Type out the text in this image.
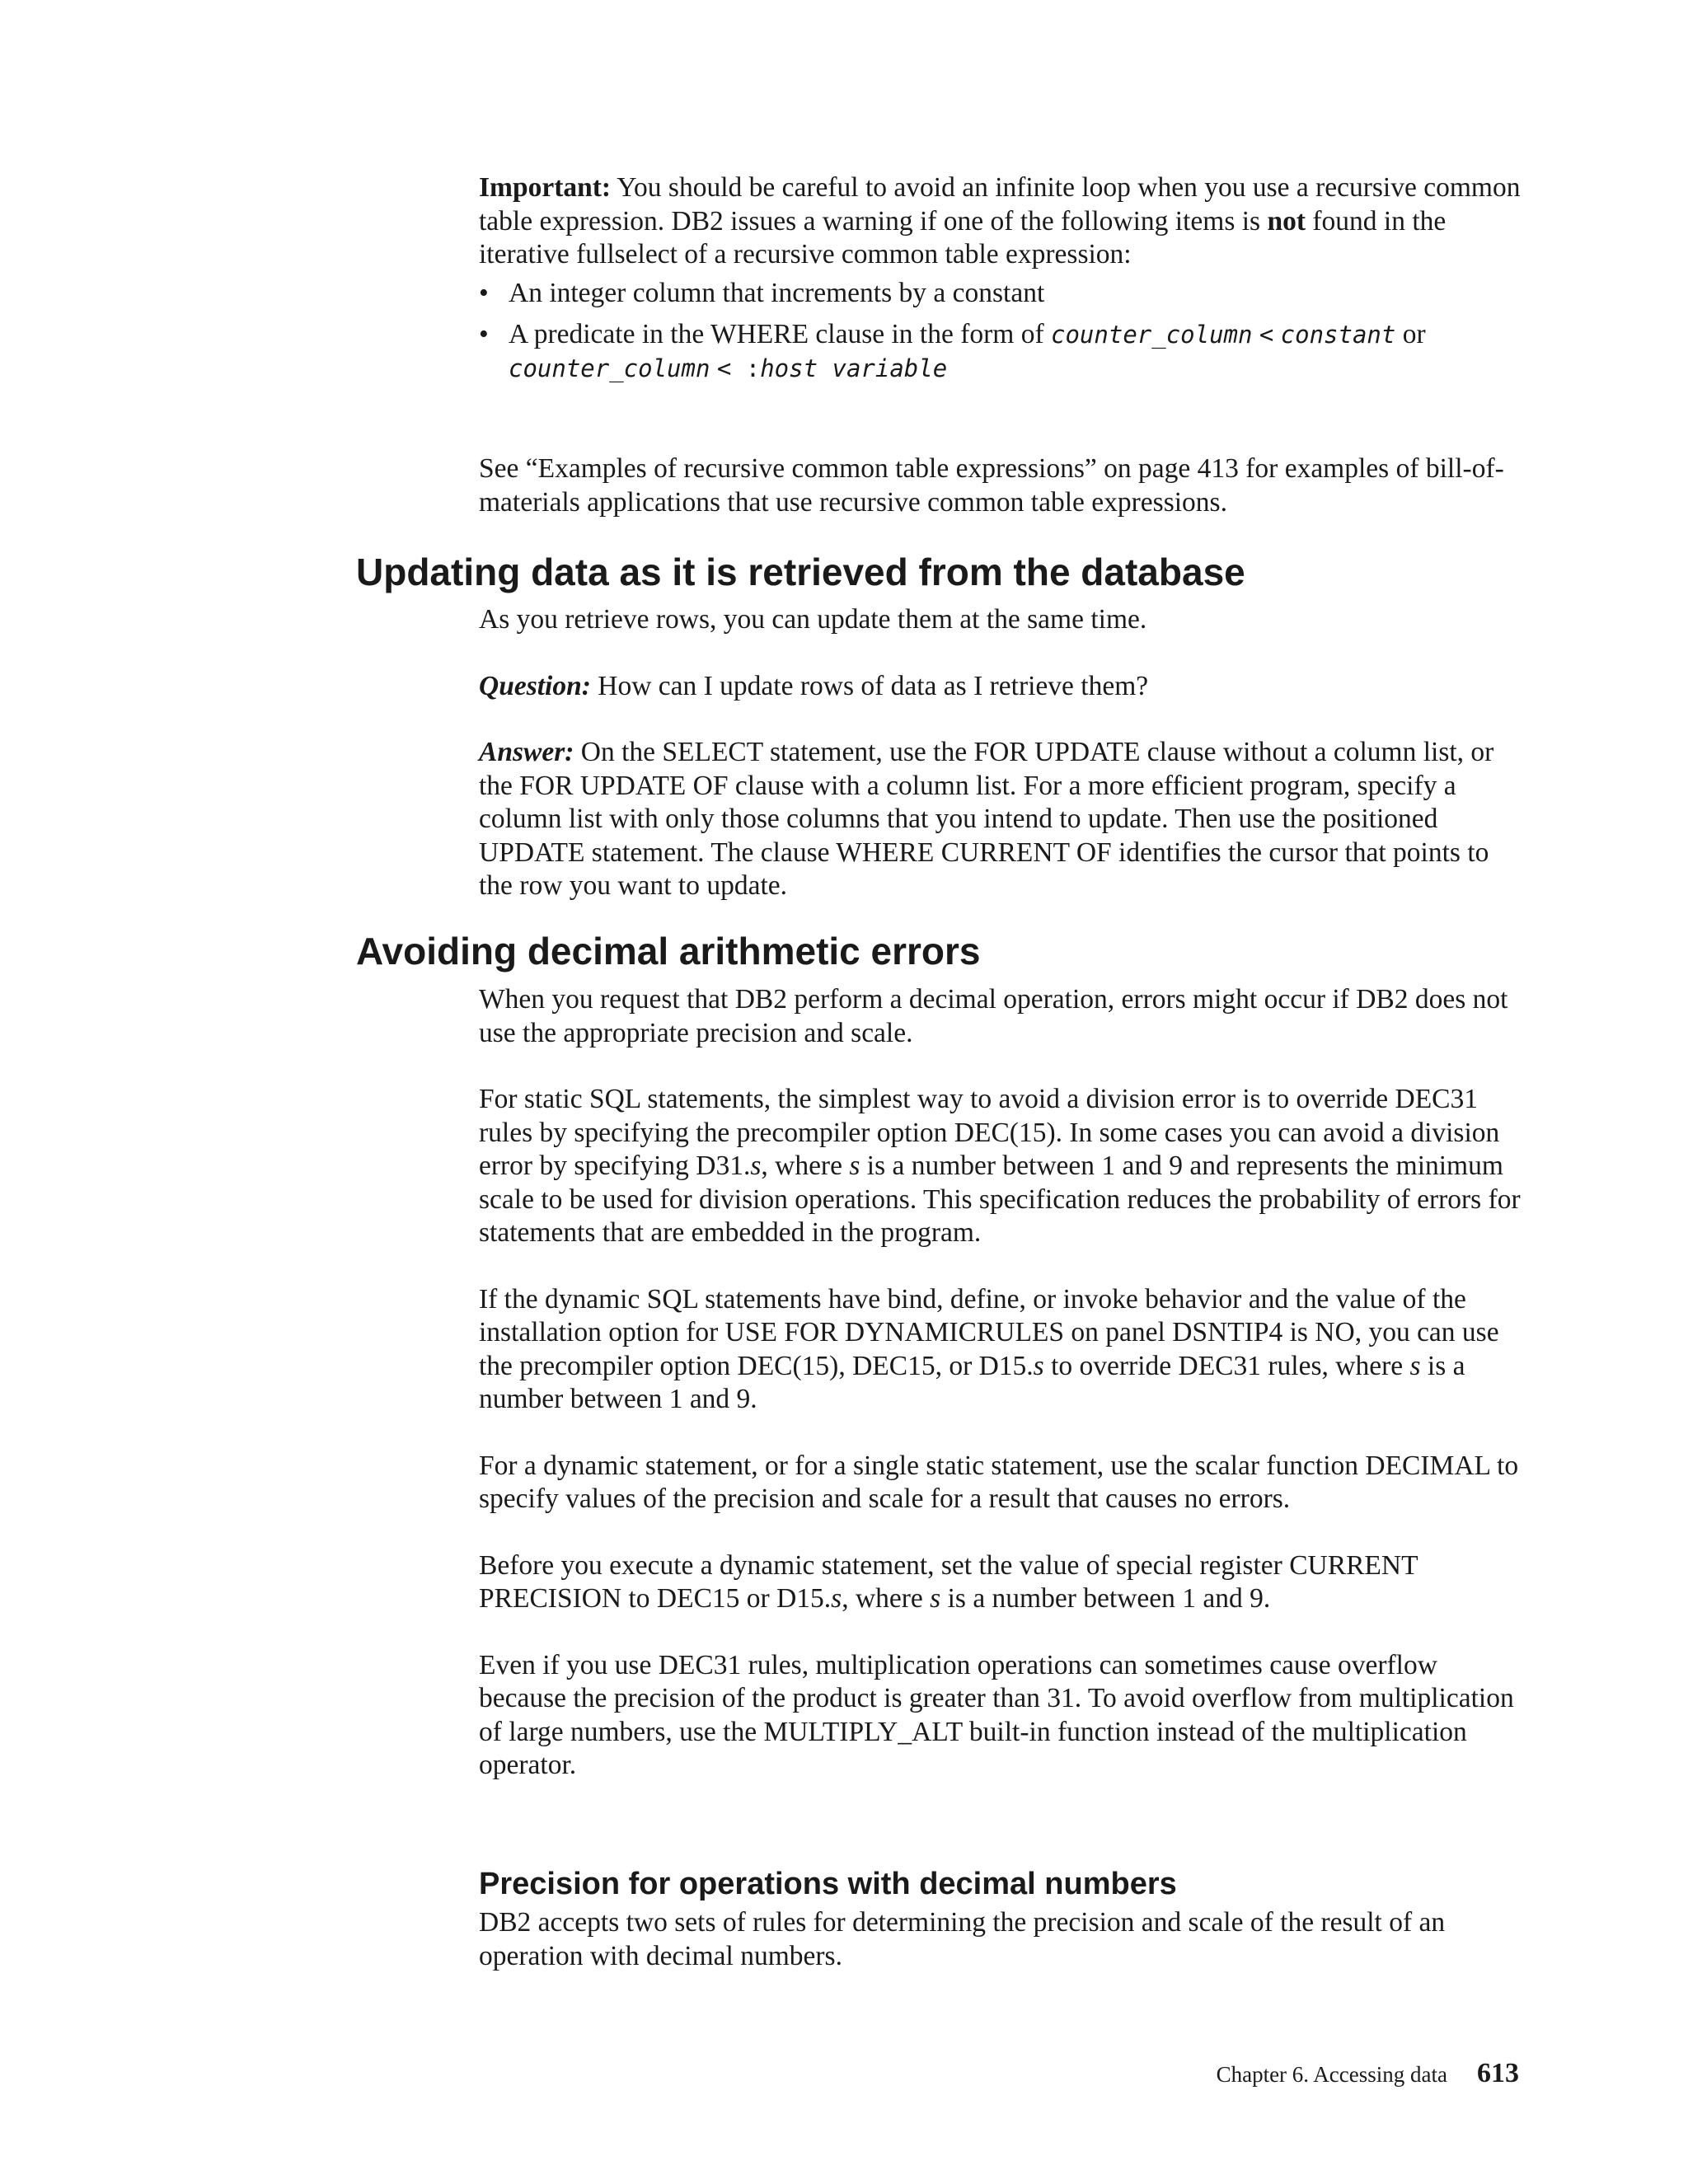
Important: You should be careful to avoid an infinite loop when you use a recursive common table expression. DB2 issues a warning if one of the following items is not found in the iterative fullselect of a recursive common table expression:

• An integer column that increments by a constant
• A predicate in the WHERE clause in the form of counter_column < constant or
counter_column < :host variable

See “Examples of recursive common table expressions” on page 413 for examples of bill-of-materials applications that use recursive common table expressions.

Updating data as it is retrieved from the database

As you retrieve rows, you can update them at the same time.

Question: How can I update rows of data as I retrieve them?

Answer: On the SELECT statement, use the FOR UPDATE clause without a column list, or the FOR UPDATE OF clause with a column list. For a more efficient program, specify a column list with only those columns that you intend to update. Then use the positioned UPDATE statement. The clause WHERE CURRENT OF identifies the cursor that points to the row you want to update.

Avoiding decimal arithmetic errors

When you request that DB2 perform a decimal operation, errors might occur if DB2 does not use the appropriate precision and scale.

For static SQL statements, the simplest way to avoid a division error is to override DEC31 rules by specifying the precompiler option DEC(15). In some cases you can avoid a division error by specifying D31.s, where s is a number between 1 and 9 and represents the minimum scale to be used for division operations. This specification reduces the probability of errors for statements that are embedded in the program.

If the dynamic SQL statements have bind, define, or invoke behavior and the value of the installation option for USE FOR DYNAMICRULES on panel DSNTIP4 is NO, you can use the precompiler option DEC(15), DEC15, or D15.s to override DEC31 rules, where s is a number between 1 and 9.

For a dynamic statement, or for a single static statement, use the scalar function DECIMAL to specify values of the precision and scale for a result that causes no errors.

Before you execute a dynamic statement, set the value of special register CURRENT PRECISION to DEC15 or D15.s, where s is a number between 1 and 9.

Even if you use DEC31 rules, multiplication operations can sometimes cause overflow because the precision of the product is greater than 31. To avoid overflow from multiplication of large numbers, use the MULTIPLY_ALT built-in function instead of the multiplication operator.

Precision for operations with decimal numbers

DB2 accepts two sets of rules for determining the precision and scale of the result of an operation with decimal numbers.

Chapter 6. Accessing data 613
